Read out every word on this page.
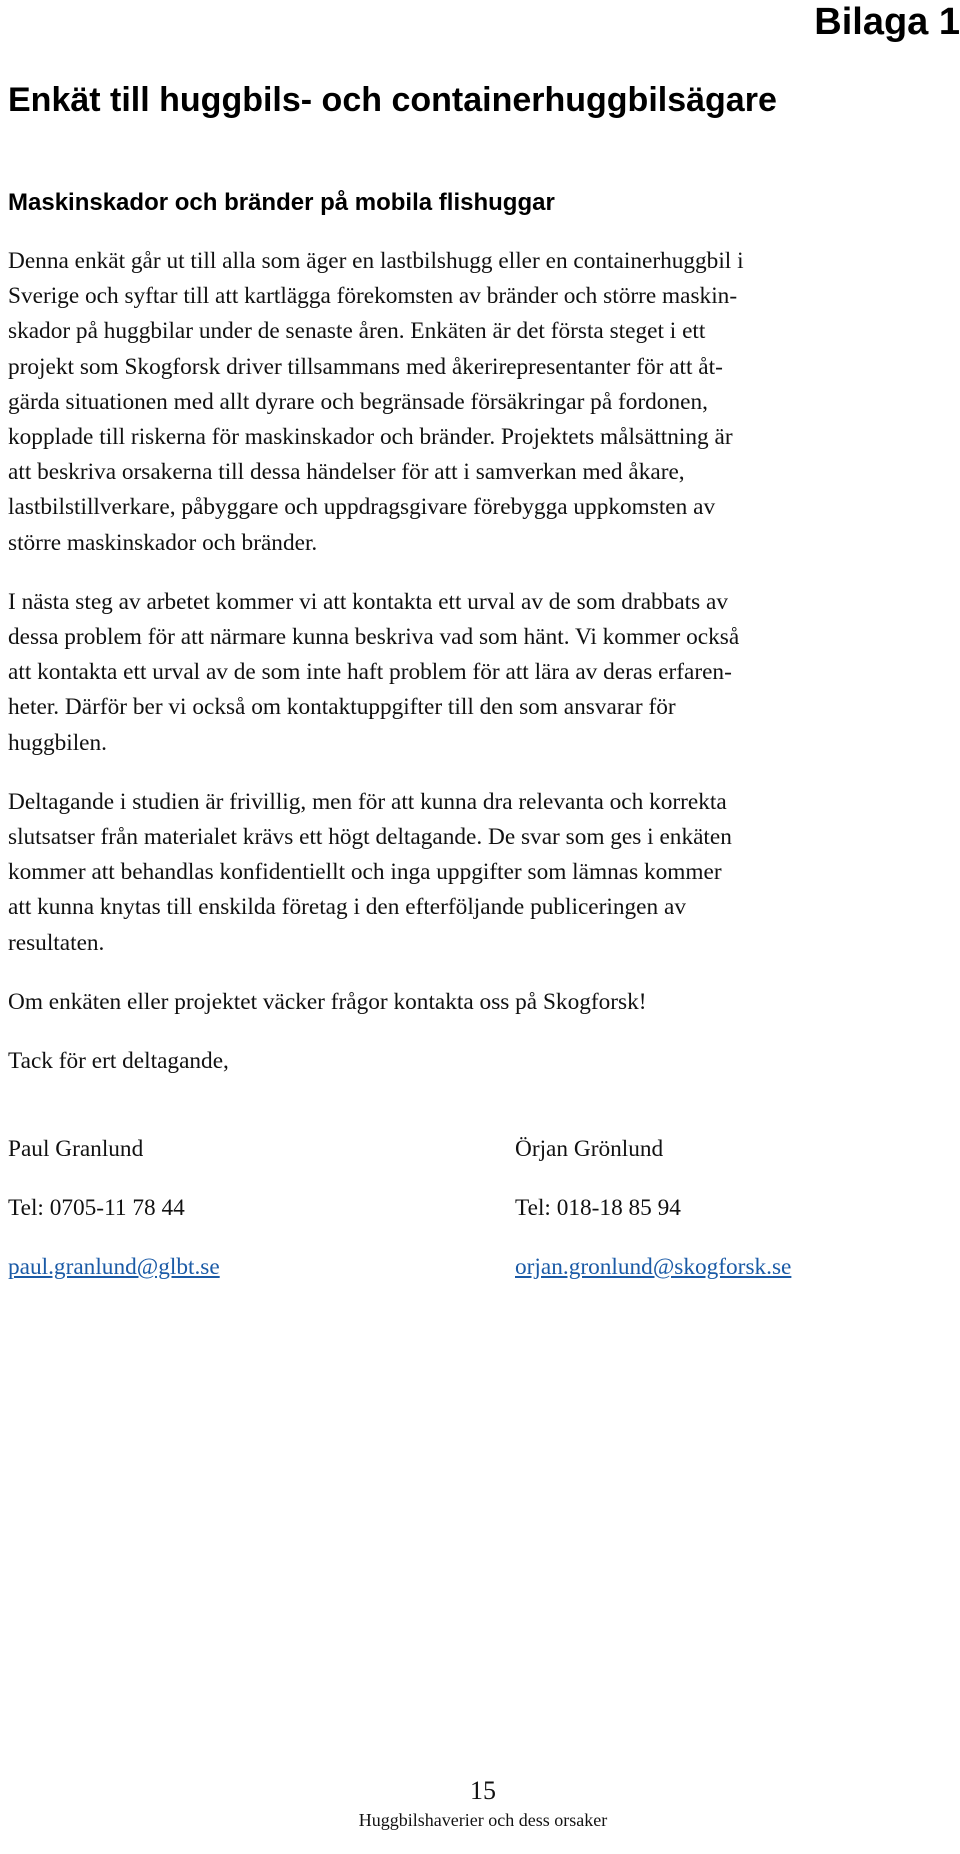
Bilaga 1
Enkät till huggbils- och containerhuggbilsägare
Maskinskador och bränder på mobila flishuggar

Denna enkät går ut till alla som äger en lastbilshugg eller en containerhuggbil i
Sverige och syftar till att kartlägga förekomsten av bränder och större maskin-
skador på huggbilar under de senaste åren. Enkäten är det första steget i ett
projekt som Skogforsk driver tillsammans med åkerirepresentanter för att åt-
gärda situationen med allt dyrare och begränsade försäkringar på fordonen,
kopplade till riskerna för maskinskador och bränder. Projektets målsättning är
att beskriva orsakerna till dessa händelser för att i samverkan med åkare,
lastbilstillverkare, påbyggare och uppdragsgivare förebygga uppkomsten av
större maskinskador och bränder.

I nästa steg av arbetet kommer vi att kontakta ett urval av de som drabbats av
dessa problem för att närmare kunna beskriva vad som hänt. Vi kommer också
att kontakta ett urval av de som inte haft problem för att lära av deras erfaren-
heter. Därför ber vi också om kontaktuppgifter till den som ansvarar för
huggbilen.

Deltagande i studien är frivillig, men för att kunna dra relevanta och korrekta
slutsatser från materialet krävs ett högt deltagande. De svar som ges i enkäten
kommer att behandlas konfidentiellt och inga uppgifter som lämnas kommer
att kunna knytas till enskilda företag i den efterföljande publiceringen av
resultaten.

Om enkäten eller projektet väcker frågor kontakta oss på Skogforsk!

Tack för ert deltagande,

Paul Granlund
Tel: 0705-11 78 44
paul.granlund@glbt.se
Örjan Grönlund
Tel: 018-18 85 94
orjan.gronlund@skogforsk.se
15
Huggbilshaverier och dess orsaker
